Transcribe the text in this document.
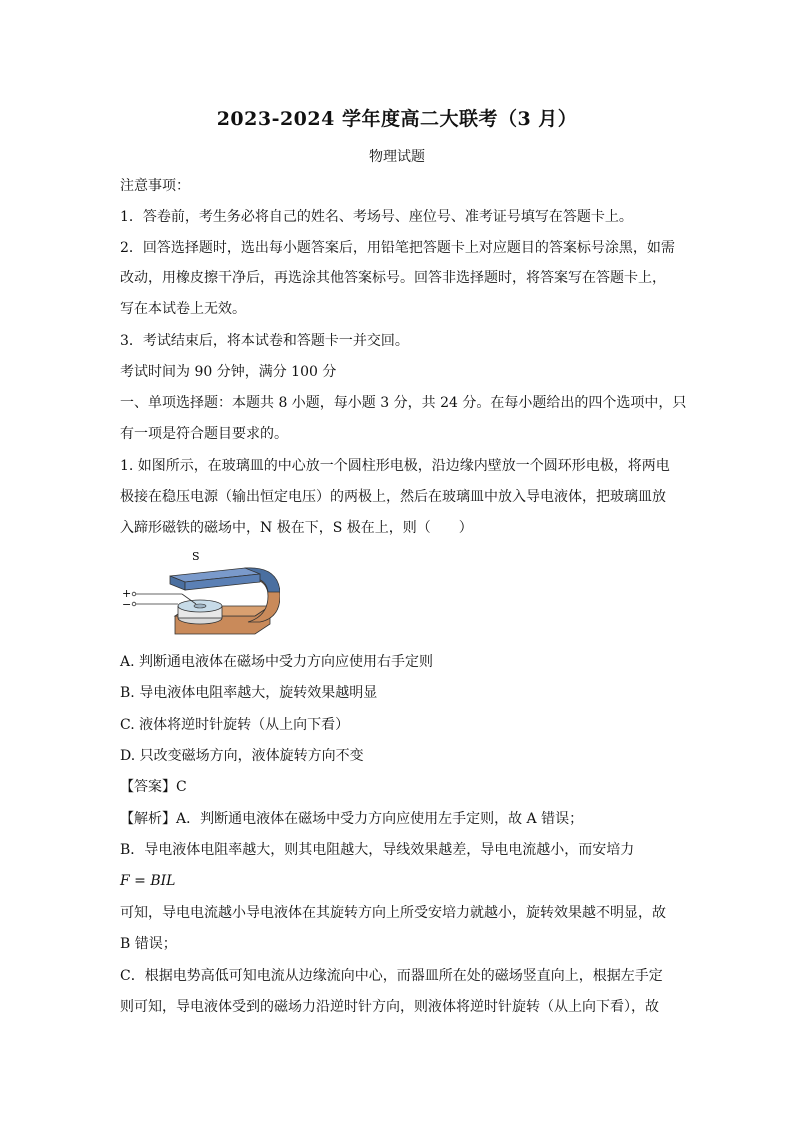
2023-2024 学年度高二大联考（3 月）
物理试题
注意事项：
1．答卷前，考生务必将自己的姓名、考场号、座位号、准考证号填写在答题卡上。
2．回答选择题时，选出每小题答案后，用铅笔把答题卡上对应题目的答案标号涂黑，如需
改动，用橡皮擦干净后，再选涂其他答案标号。回答非选择题时，将答案写在答题卡上，
写在本试卷上无效。
3．考试结束后，将本试卷和答题卡一并交回。
考试时间为 90 分钟，满分 100 分
一、单项选择题：本题共 8 小题，每小题 3 分，共 24 分。在每小题给出的四个选项中，只
有一项是符合题目要求的。
1. 如图所示，在玻璃皿的中心放一个圆柱形电极，沿边缘内壁放一个圆环形电极，将两电
极接在稳压电源（输出恒定电压）的两极上，然后在玻璃皿中放入导电液体，把玻璃皿放
入蹄形磁铁的磁场中，N 极在下，S 极在上，则（　　）
S
+
−
A. 判断通电液体在磁场中受力方向应使用右手定则
B. 导电液体电阻率越大，旋转效果越明显
C. 液体将逆时针旋转（从上向下看）
D. 只改变磁场方向，液体旋转方向不变
【答案】C
【解析】A．判断通电液体在磁场中受力方向应使用左手定则，故 A 错误；
B．导电液体电阻率越大，则其电阻越大，导线效果越差，导电电流越小，而安培力
F = BIL
可知，导电电流越小导电液体在其旋转方向上所受安培力就越小，旋转效果越不明显，故
B 错误；
C．根据电势高低可知电流从边缘流向中心，而器皿所在处的磁场竖直向上，根据左手定
则可知，导电液体受到的磁场力沿逆时针方向，则液体将逆时针旋转（从上向下看），故
